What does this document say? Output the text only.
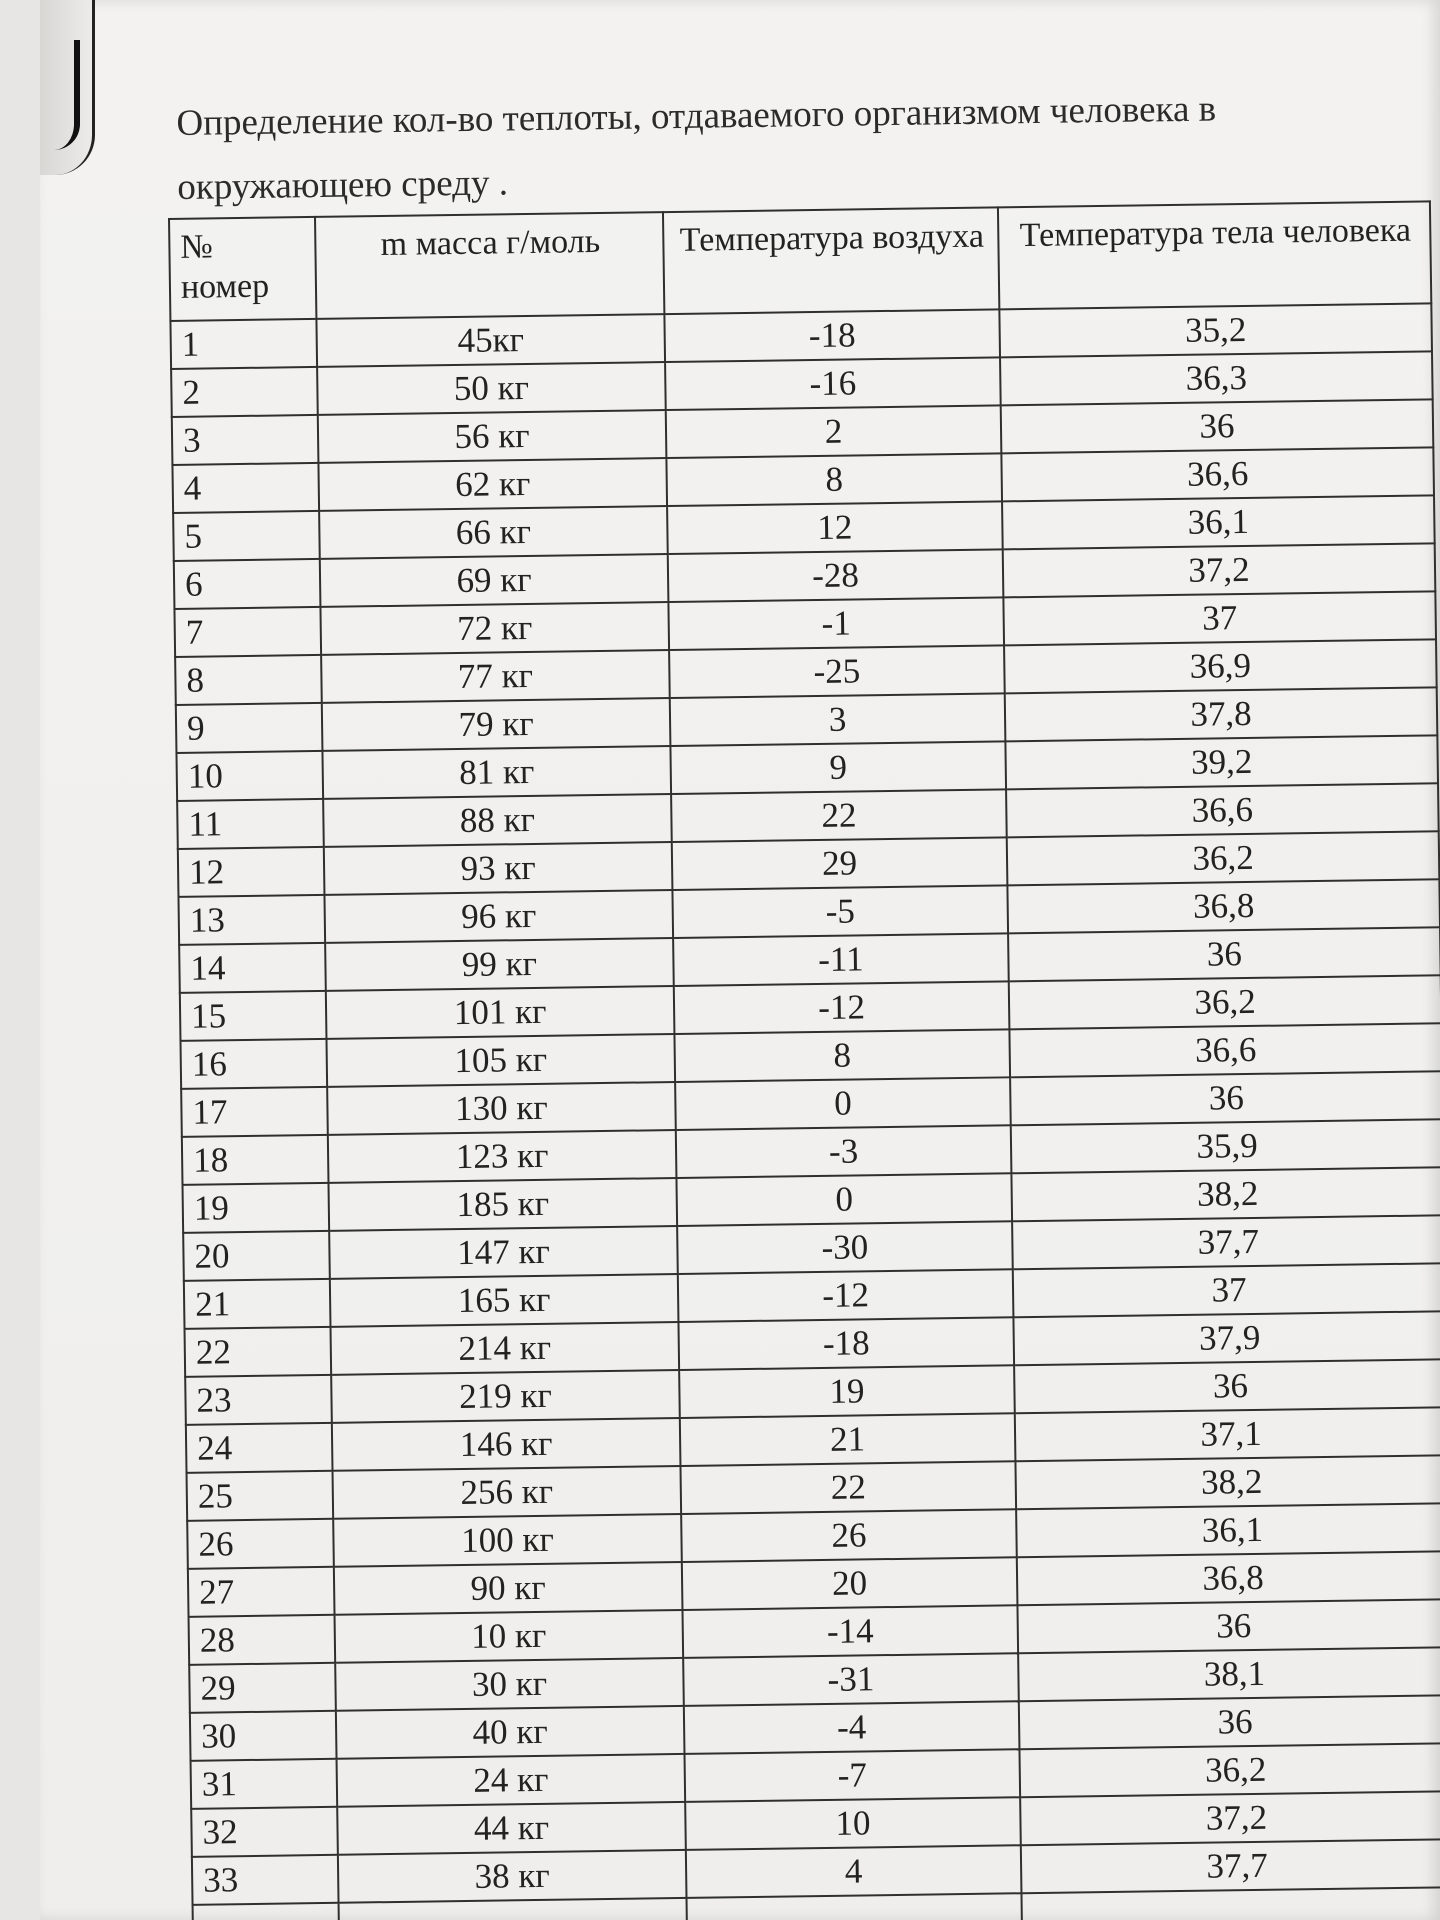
Определение кол-во теплоты, отдаваемого организмом человека в окружающею среду .
№ номер	m масса г/моль	Температура воздуха	Температура тела человека
1	45кг	-18	35,2
2	50 кг	-16	36,3
3	56 кг	2	36
4	62 кг	8	36,6
5	66 кг	12	36,1
6	69 кг	-28	37,2
7	72 кг	-1	37
8	77 кг	-25	36,9
9	79 кг	3	37,8
10	81 кг	9	39,2
11	88 кг	22	36,6
12	93 кг	29	36,2
13	96 кг	-5	36,8
14	99 кг	-11	36
15	101 кг	-12	36,2
16	105 кг	8	36,6
17	130 кг	0	36
18	123 кг	-3	35,9
19	185 кг	0	38,2
20	147 кг	-30	37,7
21	165 кг	-12	37
22	214 кг	-18	37,9
23	219 кг	19	36
24	146 кг	21	37,1
25	256 кг	22	38,2
26	100 кг	26	36,1
27	90 кг	20	36,8
28	10 кг	-14	36
29	30 кг	-31	38,1
30	40 кг	-4	36
31	24 кг	-7	36,2
32	44 кг	10	37,2
33	38 кг	4	37,7
